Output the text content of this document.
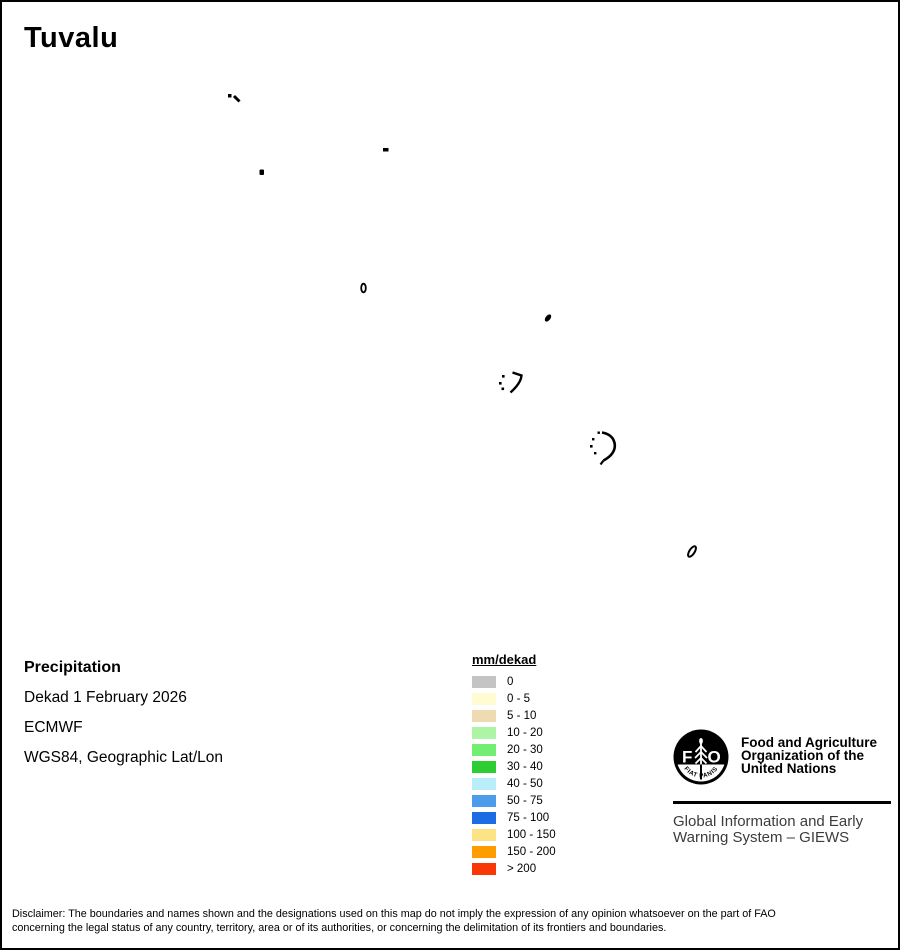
Tuvalu
Precipitation
Dekad 1 February 2026
ECMWF
WGS84, Geographic Lat/Lon
mm/dekad
0
0 - 5
5 - 10
10 - 20
20 - 30
30 - 40
40 - 50
50 - 75
75 - 100
100 - 150
150 - 200
> 200
F O
FIAT PANIS
Food and Agriculture
Organization of the
United Nations
Global Information and Early
Warning System – GIEWS
Disclaimer: The boundaries and names shown and the designations used on this map do not imply the expression of any opinion whatsoever on the part of FAO
concerning the legal status of any country, territory, area or of its authorities, or concerning the delimitation of its frontiers and boundaries.
